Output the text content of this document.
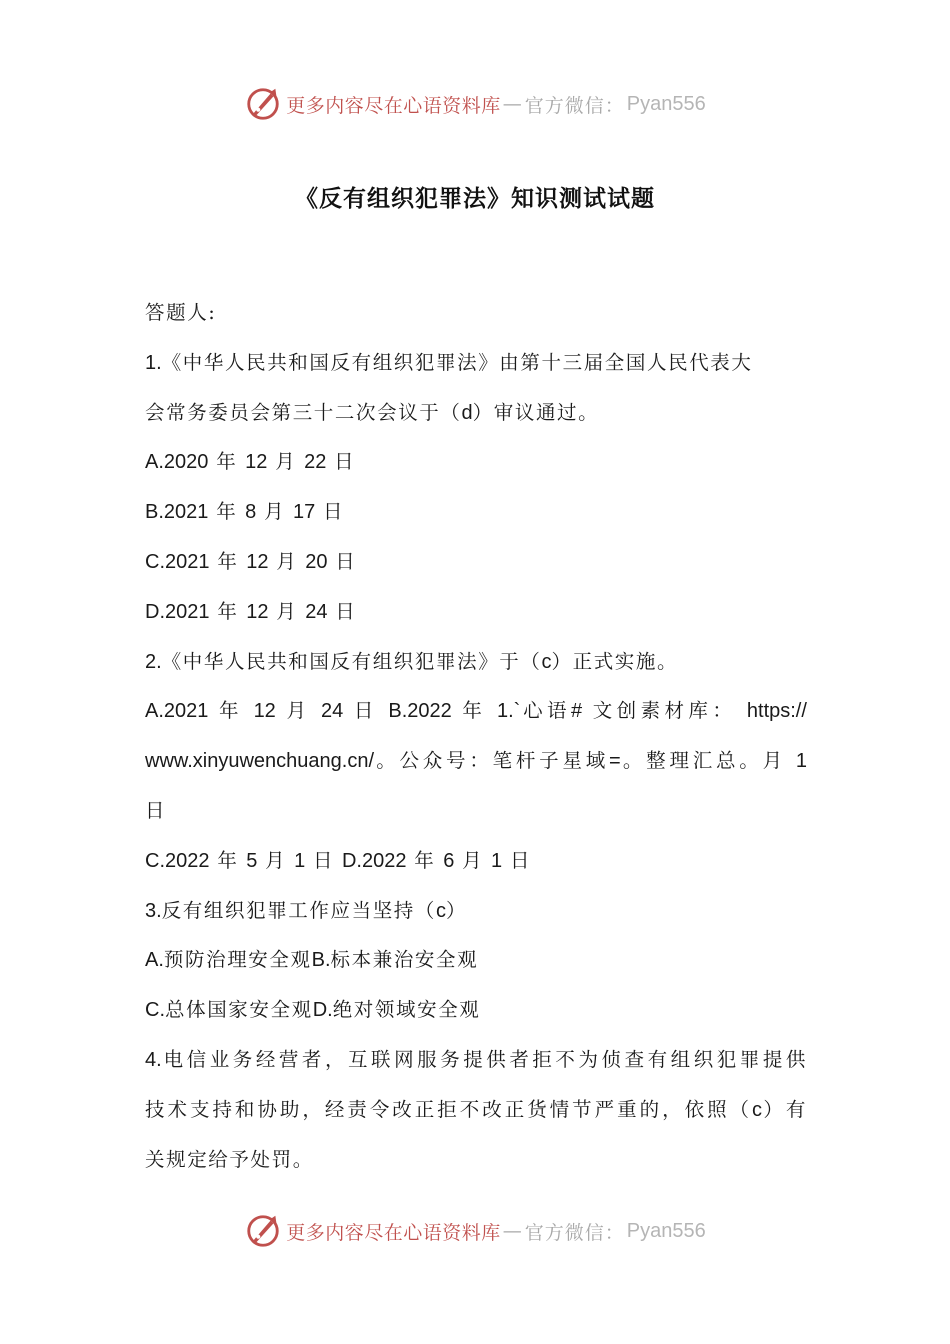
更多内容尽在心语资料库 — 官方微信： Pyan556
《反有组织犯罪法》知识测试试题
答题人:
1.《中华人民共和国反有组织犯罪法》由第十三届全国人民代表大
会常务委员会第三十二次会议于（d）审议通过。
A.2020 年 12 月 22 日
B.2021 年 8 月 17 日
C.2021 年 12 月 20 日
D.2021 年 12 月 24 日
2.《中华人民共和国反有组织犯罪法》于（c）正式实施。
A.2021 年 12 月 24 日 B.2022 年 1.`心语# 文创素材库： https://
www.xinyuwenchuang.cn/。公众号：笔杆子星域=。整理汇总。月 1
日
C.2022 年 5 月 1 日 D.2022 年 6 月 1 日
3.反有组织犯罪工作应当坚持（c）
A.预防治理安全观B.标本兼治安全观
C.总体国家安全观D.绝对领域安全观
4.电信业务经营者，互联网服务提供者拒不为侦查有组织犯罪提供
技术支持和协助，经责令改正拒不改正货情节严重的，依照（c）有
关规定给予处罚。
更多内容尽在心语资料库 — 官方微信： Pyan556
